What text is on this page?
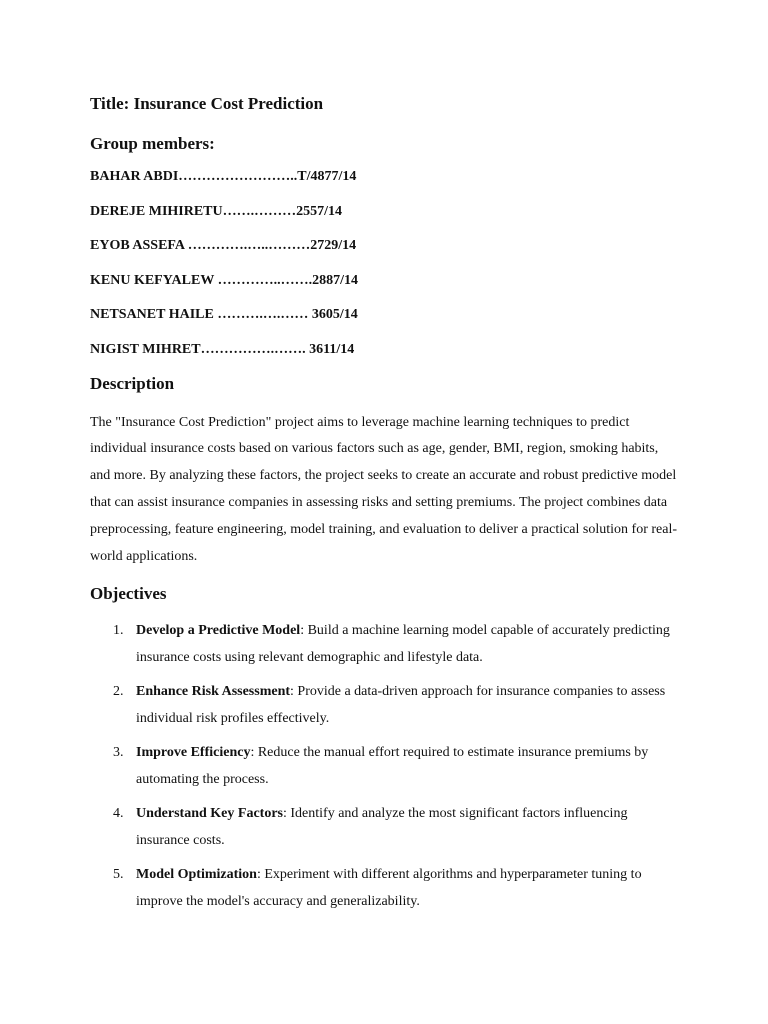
Title: Insurance Cost Prediction
Group members:
BAHAR ABDI……………………..T/4877/14
DEREJE MIHIRETU…….………2557/14
EYOB ASSEFA ………….…..………2729/14
KENU KEFYALEW …………..…….2887/14
NETSANET HAILE ……….….…… 3605/14
NIGIST MIHRET…………….……. 3611/14
Description

The "Insurance Cost Prediction" project aims to leverage machine learning techniques to predict individual insurance costs based on various factors such as age, gender, BMI, region, smoking habits, and more. By analyzing these factors, the project seeks to create an accurate and robust predictive model that can assist insurance companies in assessing risks and setting premiums. The project combines data preprocessing, feature engineering, model training, and evaluation to deliver a practical solution for real-world applications.

Objectives
1. Develop a Predictive Model: Build a machine learning model capable of accurately predicting insurance costs using relevant demographic and lifestyle data.
2. Enhance Risk Assessment: Provide a data-driven approach for insurance companies to assess individual risk profiles effectively.
3. Improve Efficiency: Reduce the manual effort required to estimate insurance premiums by automating the process.
4. Understand Key Factors: Identify and analyze the most significant factors influencing insurance costs.
5. Model Optimization: Experiment with different algorithms and hyperparameter tuning to improve the model's accuracy and generalizability.
